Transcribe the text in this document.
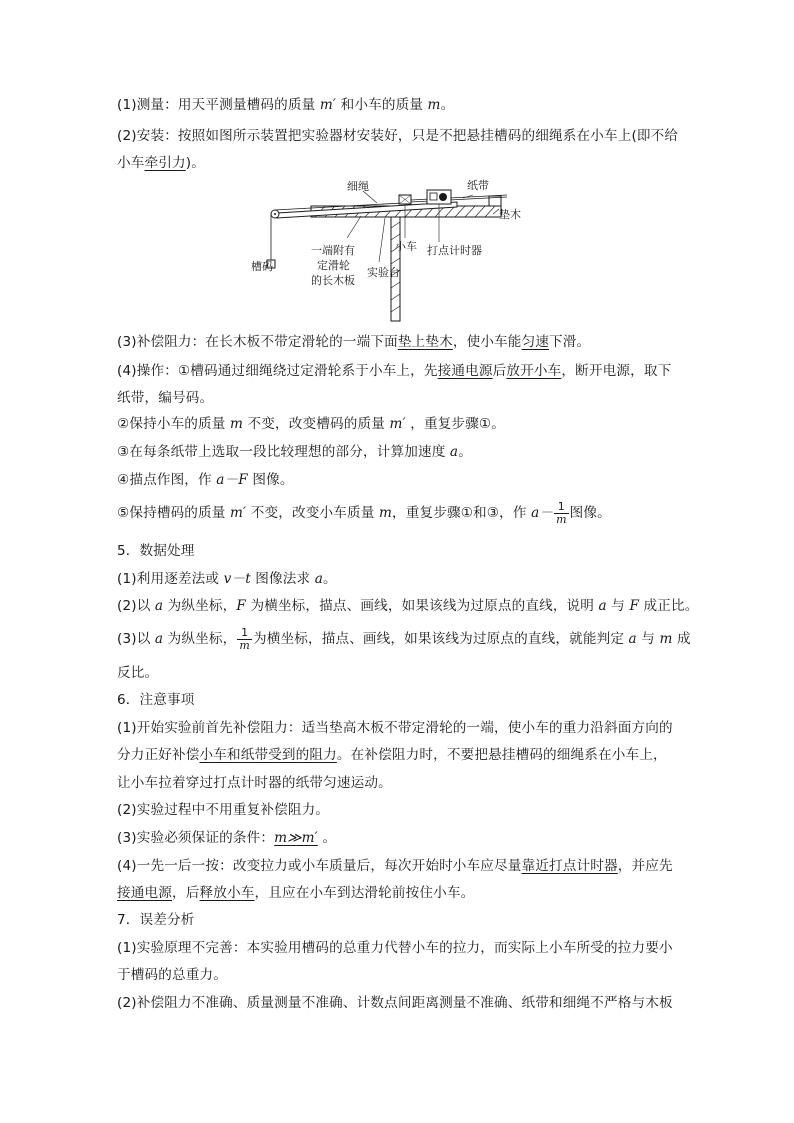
(1)测量：用天平测量槽码的质量 m′ 和小车的质量 m。
(2)安装：按照如图所示装置把实验器材安装好，只是不把悬挂槽码的细绳系在小车上(即不给
小车牵引力)。
细绳	纸带
垫木
小车 打点计时器
槽码
一端附有
定滑轮
的长木板
实验台
(3)补偿阻力：在长木板不带定滑轮的一端下面垫上垫木，使小车能匀速下滑。
(4)操作：①槽码通过细绳绕过定滑轮系于小车上，先接通电源后放开小车，断开电源，取下
纸带，编号码。
②保持小车的质量 m 不变，改变槽码的质量 m′ ，重复步骤①。
③在每条纸带上选取一段比较理想的部分，计算加速度 a。
④描点作图，作 a－F 图像。
⑤保持槽码的质量 m′ 不变，改变小车质量 m，重复步骤①和③，作 $a- \frac{1}{m}$ 图像。
5．数据处理
(1)利用逐差法或 v－t 图像法求 a。
(2)以 a 为纵坐标，F 为横坐标，描点、画线，如果该线为过原点的直线，说明 a 与 F 成正比。
(3)以 a 为纵坐标， $\frac{1}{m}$ 为横坐标，描点、画线，如果该线为过原点的直线，就能判定 a 与 m 成
反比。
6．注意事项
(1)开始实验前首先补偿阻力：适当垫高木板不带定滑轮的一端，使小车的重力沿斜面方向的
分力正好补偿小车和纸带受到的阻力。在补偿阻力时，不要把悬挂槽码的细绳系在小车上，
让小车拉着穿过打点计时器的纸带匀速运动。
(2)实验过程中不用重复补偿阻力。
(3)实验必须保证的条件：m≫m′ 。
(4)一先一后一按：改变拉力或小车质量后，每次开始时小车应尽量靠近打点计时器，并应先
接通电源，后释放小车，且应在小车到达滑轮前按住小车。
7．误差分析
(1)实验原理不完善：本实验用槽码的总重力代替小车的拉力，而实际上小车所受的拉力要小
于槽码的总重力。
(2)补偿阻力不准确、质量测量不准确、计数点间距离测量不准确、纸带和细绳不严格与木板
